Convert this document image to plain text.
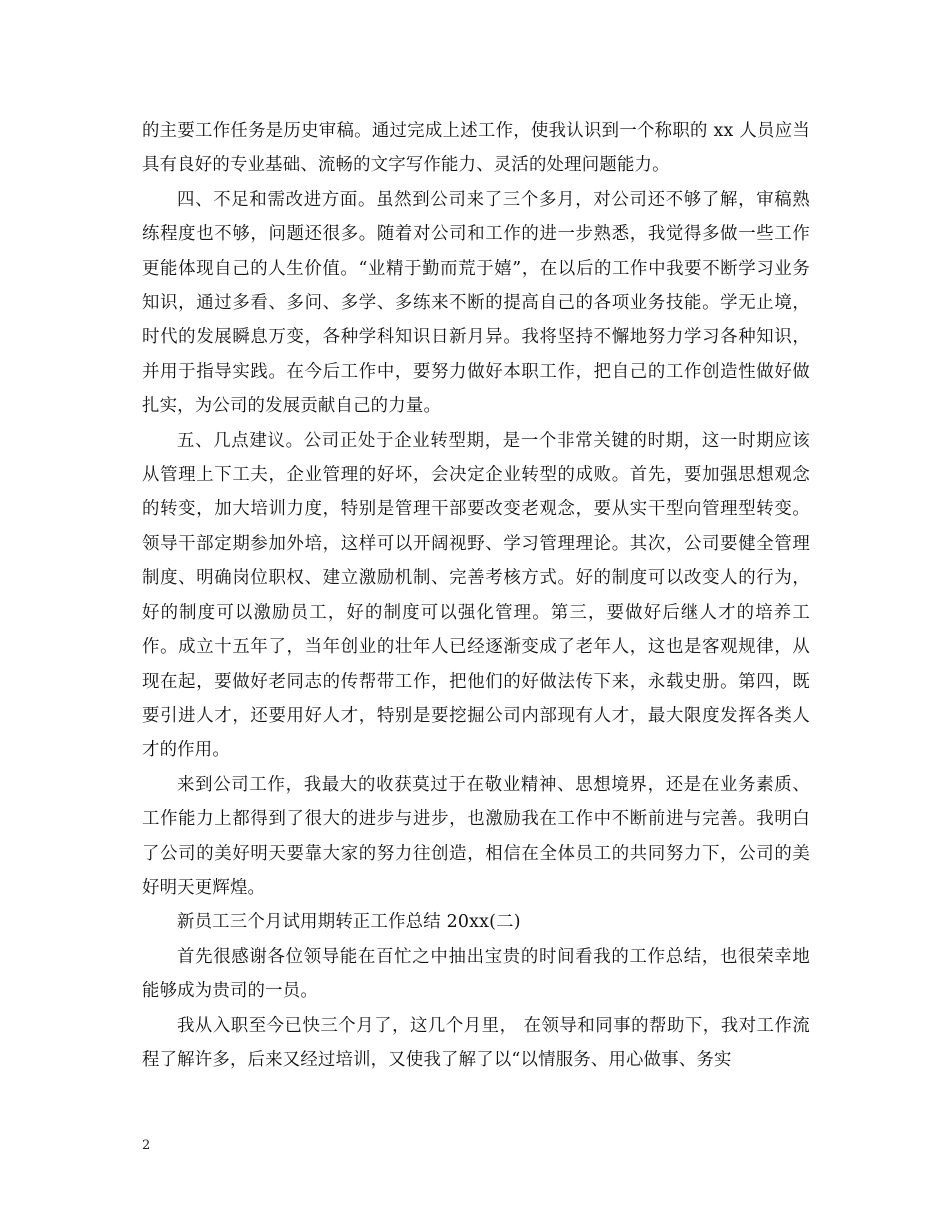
的主要工作任务是历史审稿。通过完成上述工作，使我认识到一个称职的 xx 人员应当具有良好的专业基础、流畅的文字写作能力、灵活的处理问题能力。

四、不足和需改进方面。虽然到公司来了三个多月，对公司还不够了解，审稿熟练程度也不够，问题还很多。随着对公司和工作的进一步熟悉，我觉得多做一些工作更能体现自己的人生价值。“业精于勤而荒于嬉”，在以后的工作中我要不断学习业务知识，通过多看、多问、多学、多练来不断的提高自己的各项业务技能。学无止境，时代的发展瞬息万变，各种学科知识日新月异。我将坚持不懈地努力学习各种知识，并用于指导实践。在今后工作中，要努力做好本职工作，把自己的工作创造性做好做扎实，为公司的发展贡献自己的力量。

五、几点建议。公司正处于企业转型期，是一个非常关键的时期，这一时期应该从管理上下工夫，企业管理的好坏，会决定企业转型的成败。首先，要加强思想观念的转变，加大培训力度，特别是管理干部要改变老观念，要从实干型向管理型转变。领导干部定期参加外培，这样可以开阔视野、学习管理理论。其次，公司要健全管理制度、明确岗位职权、建立激励机制、完善考核方式。好的制度可以改变人的行为，好的制度可以激励员工，好的制度可以强化管理。第三，要做好后继人才的培养工作。成立十五年了，当年创业的壮年人已经逐渐变成了老年人，这也是客观规律，从现在起，要做好老同志的传帮带工作，把他们的好做法传下来，永载史册。第四，既要引进人才，还要用好人才，特别是要挖掘公司内部现有人才，最大限度发挥各类人才的作用。

来到公司工作，我最大的收获莫过于在敬业精神、思想境界，还是在业务素质、工作能力上都得到了很大的进步与进步，也激励我在工作中不断前进与完善。我明白了公司的美好明天要靠大家的努力往创造，相信在全体员工的共同努力下，公司的美好明天更辉煌。

新员工三个月试用期转正工作总结 20xx(二)

首先很感谢各位领导能在百忙之中抽出宝贵的时间看我的工作总结，也很荣幸地能够成为贵司的一员。

我从入职至今已快三个月了，这几个月里， 在领导和同事的帮助下，我对工作流程了解许多，后来又经过培训，又使我了解了以“以情服务、用心做事、务实

2
